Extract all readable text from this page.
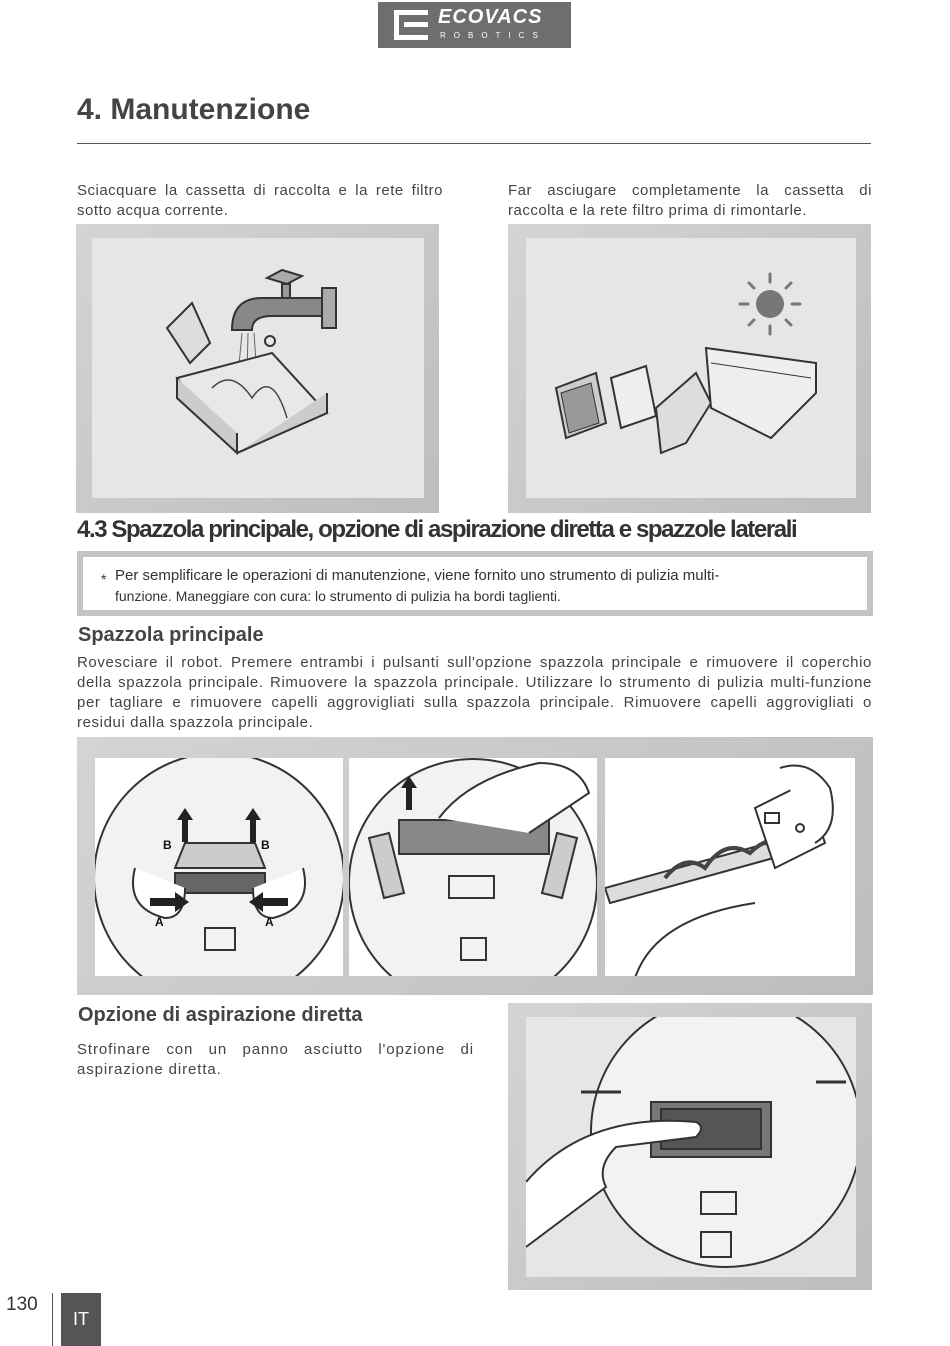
ECOVACS
ROBOTICS
4. Manutenzione

Sciacquare la cassetta di raccolta e la rete filtro sotto acqua corrente.

Far asciugare completamente la cassetta di raccolta e la rete filtro prima di rimontarle.

4.3 Spazzola principale, opzione di aspirazione diretta e spazzole laterali
* Per semplificare le operazioni di manutenzione, viene fornito uno strumento di pulizia multi-
funzione. Maneggiare con cura: lo strumento di pulizia ha bordi taglienti.
Spazzola principale

Rovesciare il robot. Premere entrambi i pulsanti sull'opzione spazzola principale e rimuovere il coperchio della spazzola principale. Rimuovere la spazzola principale. Utilizzare lo strumento di pulizia multi-funzione per tagliare e rimuovere capelli aggrovigliati sulla spazzola principale. Rimuovere capelli aggrovigliati o residui dalla spazzola principale.

B	B
A	A
Opzione di aspirazione diretta

Strofinare con un panno asciutto l'opzione di aspirazione diretta.

130
IT
